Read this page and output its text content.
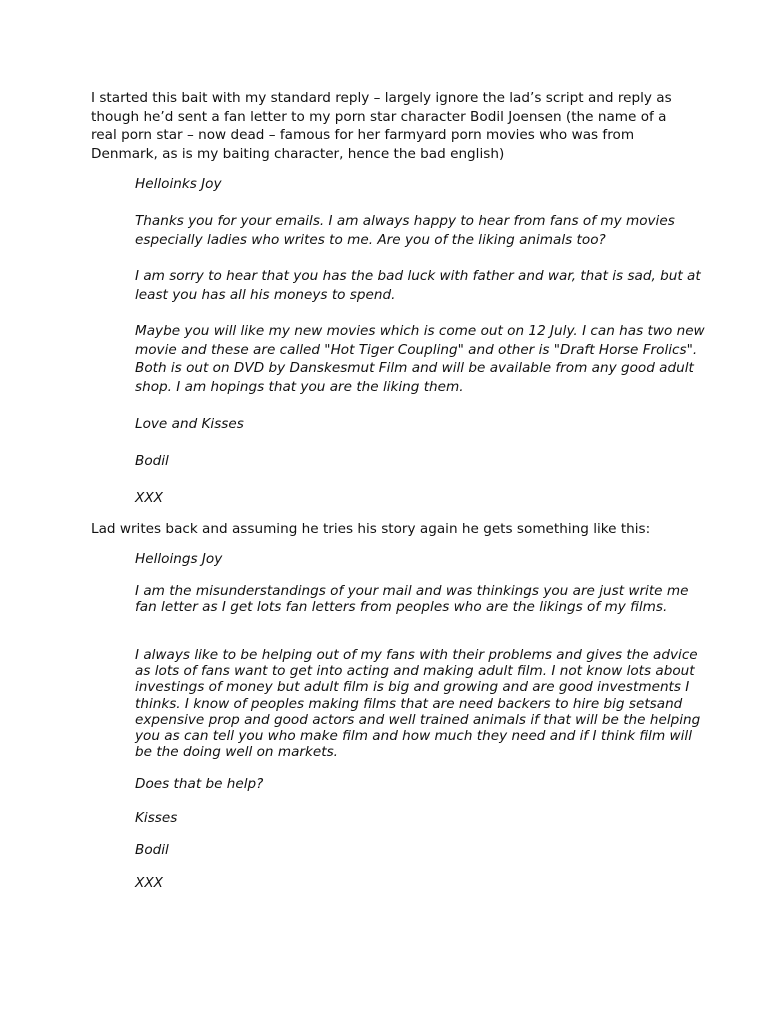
I started this bait with my standard reply – largely ignore the lad’s script and reply as though he’d sent a fan letter to my porn star character Bodil Joensen (the name of a real porn star – now dead – famous for her farmyard porn movies who was from Denmark, as is my baiting character, hence the bad english)

Helloinks Joy

Thanks you for your emails. I am always happy to hear from fans of my movies especially ladies who writes to me. Are you of the liking animals too?

I am sorry to hear that you has the bad luck with father and war, that is sad, but at least you has all his moneys to spend.

Maybe you will like my new movies which is come out on 12 July. I can has two new movie and these are called "Hot Tiger Coupling" and other is "Draft Horse Frolics". Both is out on DVD by Danskesmut Film and will be available from any good adult shop. I am hopings that you are the liking them.

Love and Kisses

Bodil

XXX

Lad writes back and assuming he tries his story again he gets something like this:

Helloings Joy

I am the misunderstandings of your mail and was thinkings you are just write me fan letter as I get lots fan letters from peoples who are the likings of my films.

I always like to be helping out of my fans with their problems and gives the advice as lots of fans want to get into acting and making adult film. I not know lots about investings of money but adult film is big and growing and are good investments I thinks. I know of peoples making films that are need backers to hire big setsand expensive prop and good actors and well trained animals if that will be the helping you as can tell you who make film and how much they need and if I think film will be the doing well on markets.

Does that be help?

Kisses

Bodil

XXX
